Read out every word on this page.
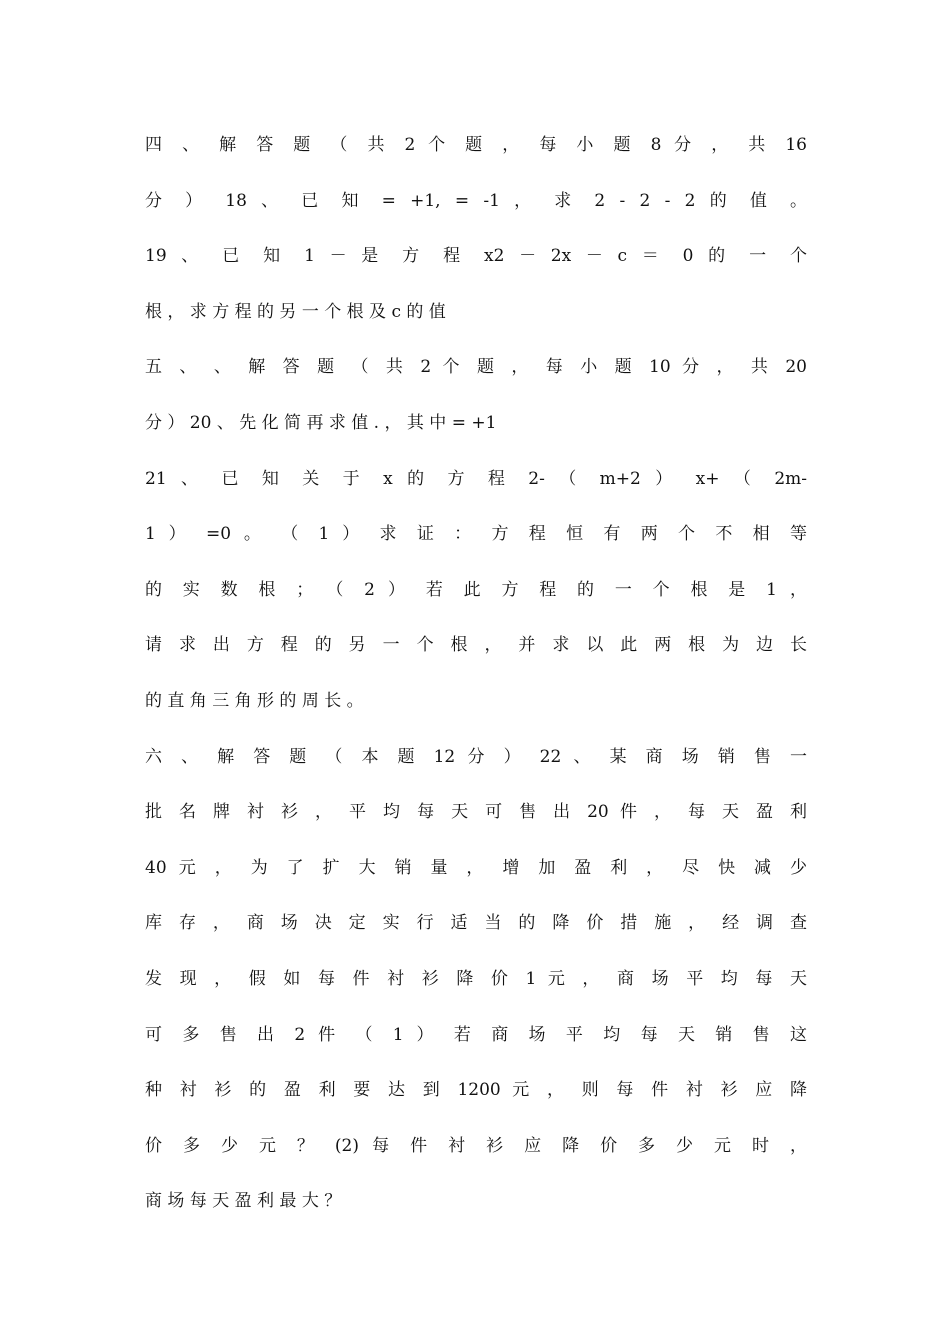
四 、 解 答 题 （ 共 2 个 题 ， 每 小 题 8 分 ， 共 16
分 ） 18 、 已 知 = +1, = -1 ， 求 2 - 2 - 2 的 值 。
19 、 已 知 1 － 是 方 程 x2 － 2x － c ＝ 0 的 一 个
根 ， 求 方 程 的 另 一 个 根 及 c 的 值
五 、 、 解 答 题 （ 共 2 个 题 ， 每 小 题 10 分 ， 共 20
分 ） 20 、 先 化 简 再 求 值 . ， 其 中 = +1
21 、 已 知 关 于 x 的 方 程 2- （ m+2 ） x+ （ 2m-
1 ） =0 。 （ 1 ） 求 证 ： 方 程 恒 有 两 个 不 相 等
的 实 数 根 ； （ 2 ） 若 此 方 程 的 一 个 根 是 1 ，
请 求 出 方 程 的 另 一 个 根 ， 并 求 以 此 两 根 为 边 长
的 直 角 三 角 形 的 周 长 。
六 、 解 答 题 （ 本 题 12 分 ） 22 、 某 商 场 销 售 一
批 名 牌 衬 衫 ， 平 均 每 天 可 售 出 20 件 ， 每 天 盈 利
40 元 ， 为 了 扩 大 销 量 ， 增 加 盈 利 ， 尽 快 减 少
库 存 ， 商 场 决 定 实 行 适 当 的 降 价 措 施 ， 经 调 查
发 现 ， 假 如 每 件 衬 衫 降 价 1 元 ， 商 场 平 均 每 天
可 多 售 出 2 件 （ 1 ） 若 商 场 平 均 每 天 销 售 这
种 衬 衫 的 盈 利 要 达 到 1200 元 ， 则 每 件 衬 衫 应 降
价 多 少 元 ？ (2) 每 件 衬 衫 应 降 价 多 少 元 时 ，
商 场 每 天 盈 利 最 大 ？
